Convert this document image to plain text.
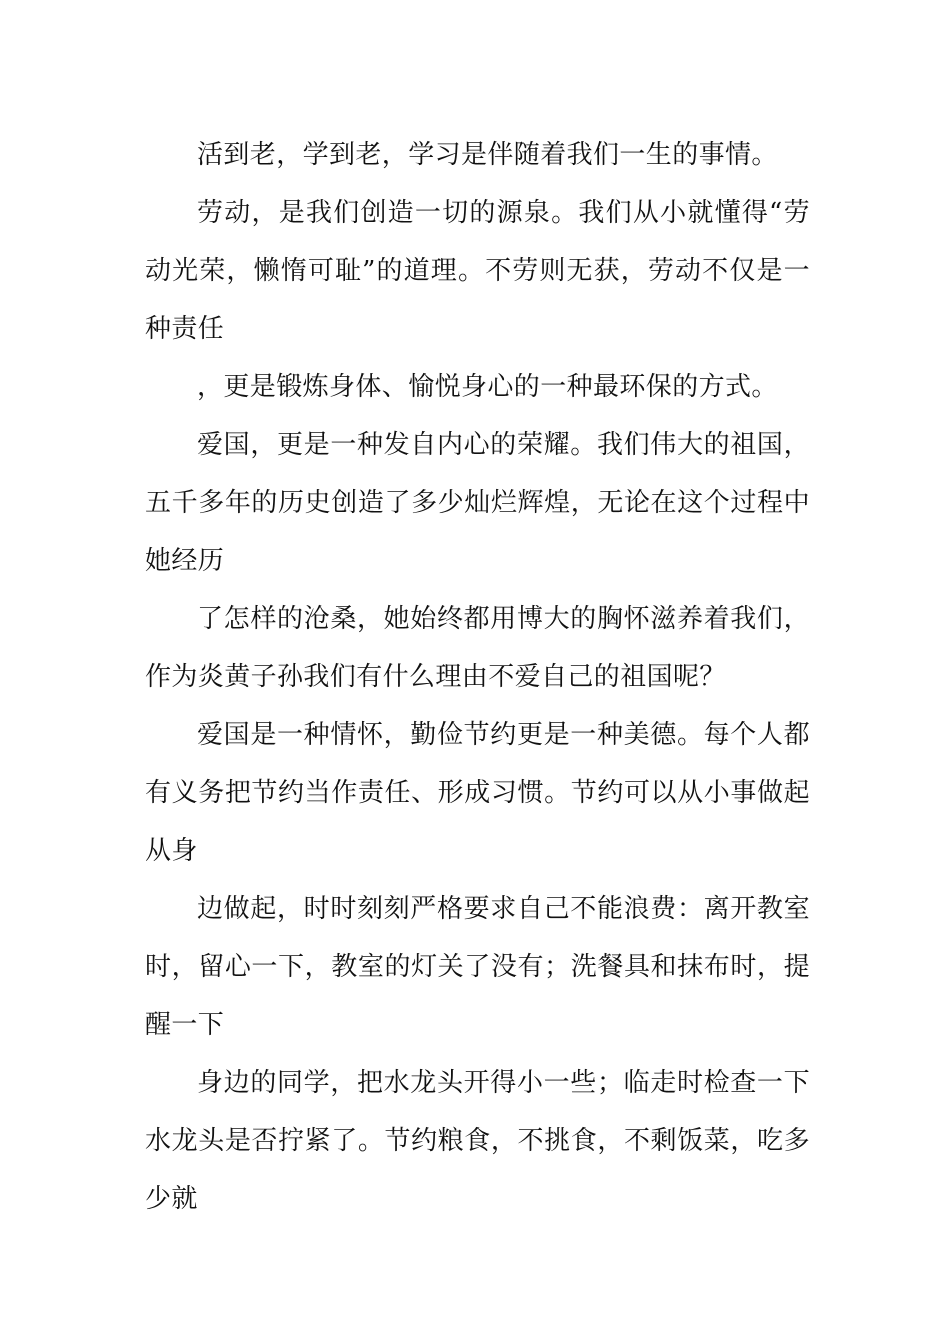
活到老，学到老，学习是伴随着我们一生的事情。

劳动，是我们创造一切的源泉。我们从小就懂得“劳动光荣，懒惰可耻”的道理。不劳则无获，劳动不仅是一种责任

，更是锻炼身体、愉悦身心的一种最环保的方式。

爱国，更是一种发自内心的荣耀。我们伟大的祖国，五千多年的历史创造了多少灿烂辉煌，无论在这个过程中她经历

了怎样的沧桑，她始终都用博大的胸怀滋养着我们，作为炎黄子孙我们有什么理由不爱自己的祖国呢？

爱国是一种情怀，勤俭节约更是一种美德。每个人都有义务把节约当作责任、形成习惯。节约可以从小事做起从身

边做起，时时刻刻严格要求自己不能浪费：离开教室时，留心一下，教室的灯关了没有；洗餐具和抹布时，提醒一下

身边的同学，把水龙头开得小一些；临走时检查一下水龙头是否拧紧了。节约粮食，不挑食，不剩饭菜，吃多少就
